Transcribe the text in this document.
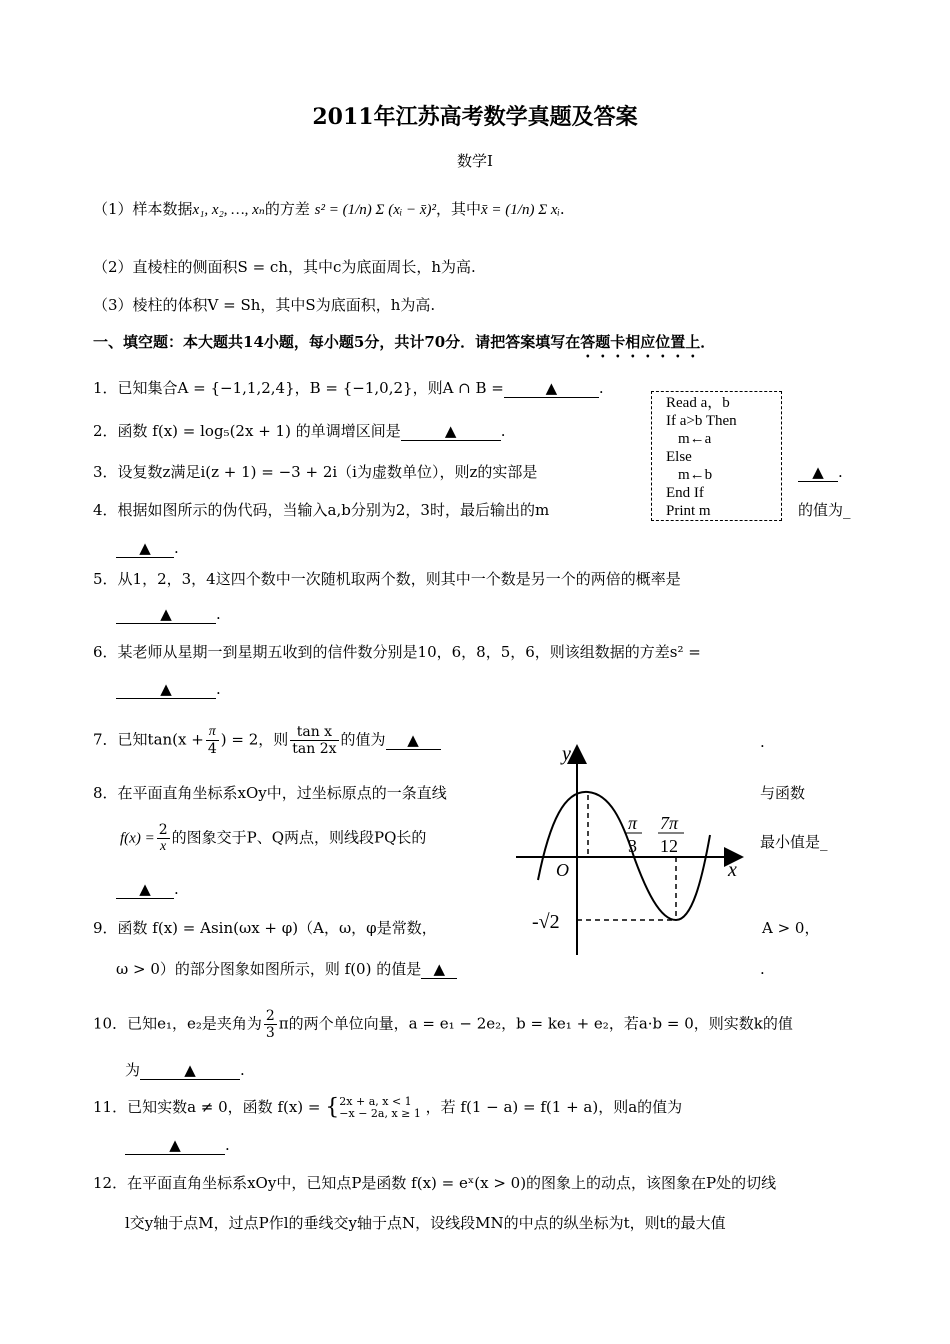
2011年江苏高考数学真题及答案
数学Ⅰ
（1）样本数据x₁, x₂, …, xₙ的方差 s² = (1/n) Σ (xᵢ − x̄)²，其中x̄ = (1/n) Σ xᵢ.
（2）直棱柱的侧面积S = ch，其中c为底面周长，h为高.
（3）棱柱的体积V = Sh，其中S为底面积，h为高.
一、填空题：本大题共14小题，每小题5分，共计70分．请把答案填写在答题卡相应位置上．
1．已知集合A = {−1,1,2,4}，B = {−1,0,2}，则A ∩ B =	▲	.
2．函数 f(x) = log₅(2x + 1) 的单调增区间是	▲	.
3．设复数z满足i(z + 1) = −3 + 2i（i为虚数单位），则z的实部是	▲ .
4．根据如图所示的伪代码，当输入a,b分别为2，3时，最后输出的m	的值为_
▲ .
Read a，b
If a>b Then
m←a
Else
m←b
End If
Print m
5．从1，2，3，4这四个数中一次随机取两个数，则其中一个数是另一个的两倍的概率是
▲	.
6．某老师从星期一到星期五收到的信件数分别是10，6，8，5，6，则该组数据的方差s² =
▲	.
7．已知$\tan(x + \frac{\pi}{4}$ ) = 2，则 $\frac{\text{tan x}}{\tan 2x}$ 的值为 ▲	.
8．在平面直角坐标系xOy中，过坐标原点的一条直线	与函数
$f(x) = \frac{2}{x}$ 的图象交于P、Q两点，则线段PQ长的	最小值是_
▲ .
9．函数 f(x) = Asin(ωx + φ)（A，ω，φ是常数，	A > 0，
ω > 0）的部分图象如图所示，则 f(0) 的值是 ▲	.
10．已知e₁，e₂是夹角为 $\frac{2}{3}$ π的两个单位向量，a = e₁ − 2e₂，b = ke₁ + e₂，若a·b = 0，则实数k的值
为	▲	.
11．已知实数a ≠ 0，函数 f(x) = { 2x + a, x < 1
−x − 2a, x ≥ 1 ，若 f(1 − a) = f(1 + a)，则a的值为
▲	.
12．在平面直角坐标系xOy中，已知点P是函数 f(x) = eˣ(x > 0)的图象上的动点，该图象在P处的切线
l交y轴于点M，过点P作l的垂线交y轴于点N，设线段MN的中点的纵坐标为t，则t的最大值
y
x
O
π
3
7π
12
-√2
